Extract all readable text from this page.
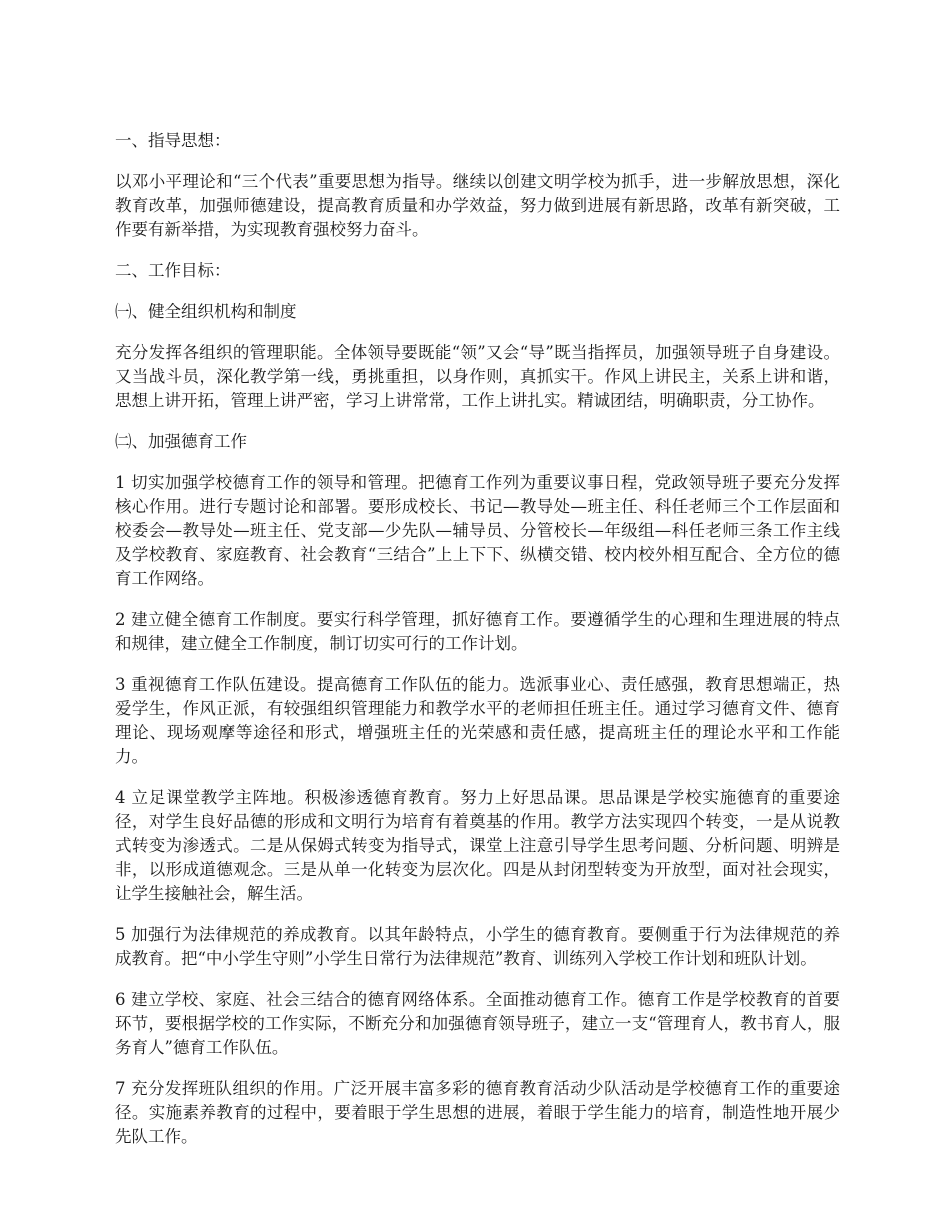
一、指导思想：

以邓小平理论和“三个代表”重要思想为指导。继续以创建文明学校为抓手，进一步解放思想，深化教育改革，加强师德建设，提高教育质量和办学效益，努力做到进展有新思路，改革有新突破，工作要有新举措，为实现教育强校努力奋斗。

二、工作目标：

㈠、健全组织机构和制度

充分发挥各组织的管理职能。全体领导要既能“领”又会“导”既当指挥员，加强领导班子自身建设。又当战斗员，深化教学第一线，勇挑重担，以身作则，真抓实干。作风上讲民主，关系上讲和谐，思想上讲开拓，管理上讲严密，学习上讲常常，工作上讲扎实。精诚团结，明确职责，分工协作。

㈡、加强德育工作

1 切实加强学校德育工作的领导和管理。把德育工作列为重要议事日程，党政领导班子要充分发挥核心作用。进行专题讨论和部署。要形成校长、书记—教导处—班主任、科任老师三个工作层面和校委会—教导处—班主任、党支部—少先队—辅导员、分管校长—年级组—科任老师三条工作主线及学校教育、家庭教育、社会教育“三结合”上上下下、纵横交错、校内校外相互配合、全方位的德育工作网络。

2 建立健全德育工作制度。要实行科学管理，抓好德育工作。要遵循学生的心理和生理进展的特点和规律，建立健全工作制度，制订切实可行的工作计划。

3 重视德育工作队伍建设。提高德育工作队伍的能力。选派事业心、责任感强，教育思想端正，热爱学生，作风正派，有较强组织管理能力和教学水平的老师担任班主任。通过学习德育文件、德育理论、现场观摩等途径和形式，增强班主任的光荣感和责任感，提高班主任的理论水平和工作能力。

4 立足课堂教学主阵地。积极渗透德育教育。努力上好思品课。思品课是学校实施德育的重要途径，对学生良好品德的形成和文明行为培育有着奠基的作用。教学方法实现四个转变，一是从说教式转变为渗透式。二是从保姆式转变为指导式，课堂上注意引导学生思考问题、分析问题、明辨是非，以形成道德观念。三是从单一化转变为层次化。四是从封闭型转变为开放型，面对社会现实，让学生接触社会，解生活。

5 加强行为法律规范的养成教育。以其年龄特点，小学生的德育教育。要侧重于行为法律规范的养成教育。把“中小学生守则”小学生日常行为法律规范”教育、训练列入学校工作计划和班队计划。

6 建立学校、家庭、社会三结合的德育网络体系。全面推动德育工作。德育工作是学校教育的首要环节，要根据学校的工作实际，不断充分和加强德育领导班子，建立一支“管理育人，教书育人，服务育人”德育工作队伍。

7 充分发挥班队组织的作用。广泛开展丰富多彩的德育教育活动少队活动是学校德育工作的重要途径。实施素养教育的过程中，要着眼于学生思想的进展，着眼于学生能力的培育，制造性地开展少先队工作。
